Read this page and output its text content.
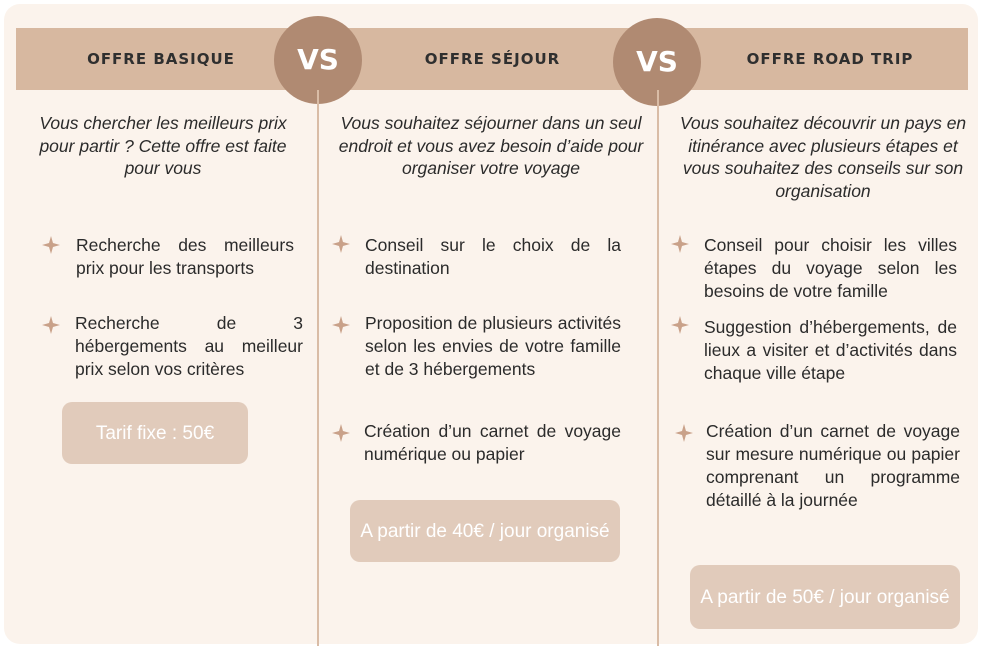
OFFRE BASIQUE	OFFRE SÉJOUR	OFFRE ROAD TRIP
VS	VS
Vous chercher les meilleurs prix pour partir ? Cette offre est faite pour vous
Vous souhaitez séjourner dans un seul endroit et vous avez besoin d’aide pour organiser votre voyage
Vous souhaitez découvrir un pays en itinérance avec plusieurs étapes et vous souhaitez des conseils sur son organisation
Recherche des meilleurs prix pour les transports
Recherche de 3 hébergements au meilleur prix selon vos critères
Tarif fixe : 50€
Conseil sur le choix de la destination
Proposition de plusieurs activités selon les envies de votre famille et de 3 hébergements
Création d’un carnet de voyage numérique ou papier
A partir de 40€ / jour organisé
Conseil pour choisir les villes étapes du voyage selon les besoins de votre famille
Suggestion d’hébergements, de lieux a visiter et d’activités dans chaque ville étape
Création d’un carnet de voyage sur mesure numérique ou papier comprenant un programme détaillé à la journée
A partir de 50€ / jour organisé
